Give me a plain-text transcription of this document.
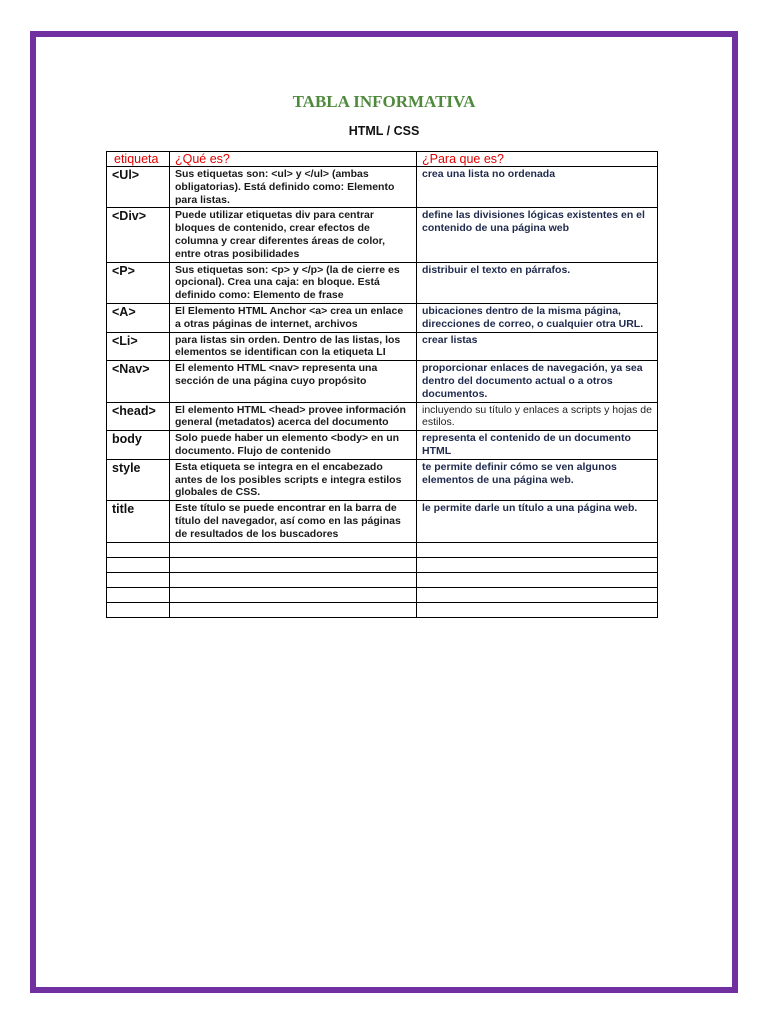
TABLA INFORMATIVA
HTML / CSS
etiqueta	¿Qué es?	¿Para que es?
<Ul>	Sus etiquetas son: <ul> y </ul> (ambas obligatorias). Está definido como: Elemento para listas.	crea una lista no ordenada
<Div>	Puede utilizar etiquetas div para centrar bloques de contenido, crear efectos de columna y crear diferentes áreas de color, entre otras posibilidades	define las divisiones lógicas existentes en el contenido de una página web
<P>	Sus etiquetas son: <p> y </p> (la de cierre es opcional). Crea una caja: en bloque. Está definido como: Elemento de frase	distribuir el texto en párrafos.
<A>	El Elemento HTML Anchor <a> crea un enlace a otras páginas de internet, archivos	ubicaciones dentro de la misma página, direcciones de correo, o cualquier otra URL.
<Li>	para listas sin orden. Dentro de las listas, los elementos se identifican con la etiqueta LI	crear listas
<Nav>	El elemento HTML <nav> representa una sección de una página cuyo propósito	proporcionar enlaces de navegación, ya sea dentro del documento actual o a otros documentos.
<head>	El elemento HTML <head> provee información general (metadatos) acerca del documento	incluyendo su título y enlaces a scripts y hojas de estilos.
body	Solo puede haber un elemento <body> en un documento. Flujo de contenido	representa el contenido de un documento HTML
style	Esta etiqueta se integra en el encabezado antes de los posibles scripts e integra estilos globales de CSS.	te permite definir cómo se ven algunos elementos de una página web.
title	Este título se puede encontrar en la barra de título del navegador, así como en las páginas de resultados de los buscadores	le permite darle un título a una página web.
